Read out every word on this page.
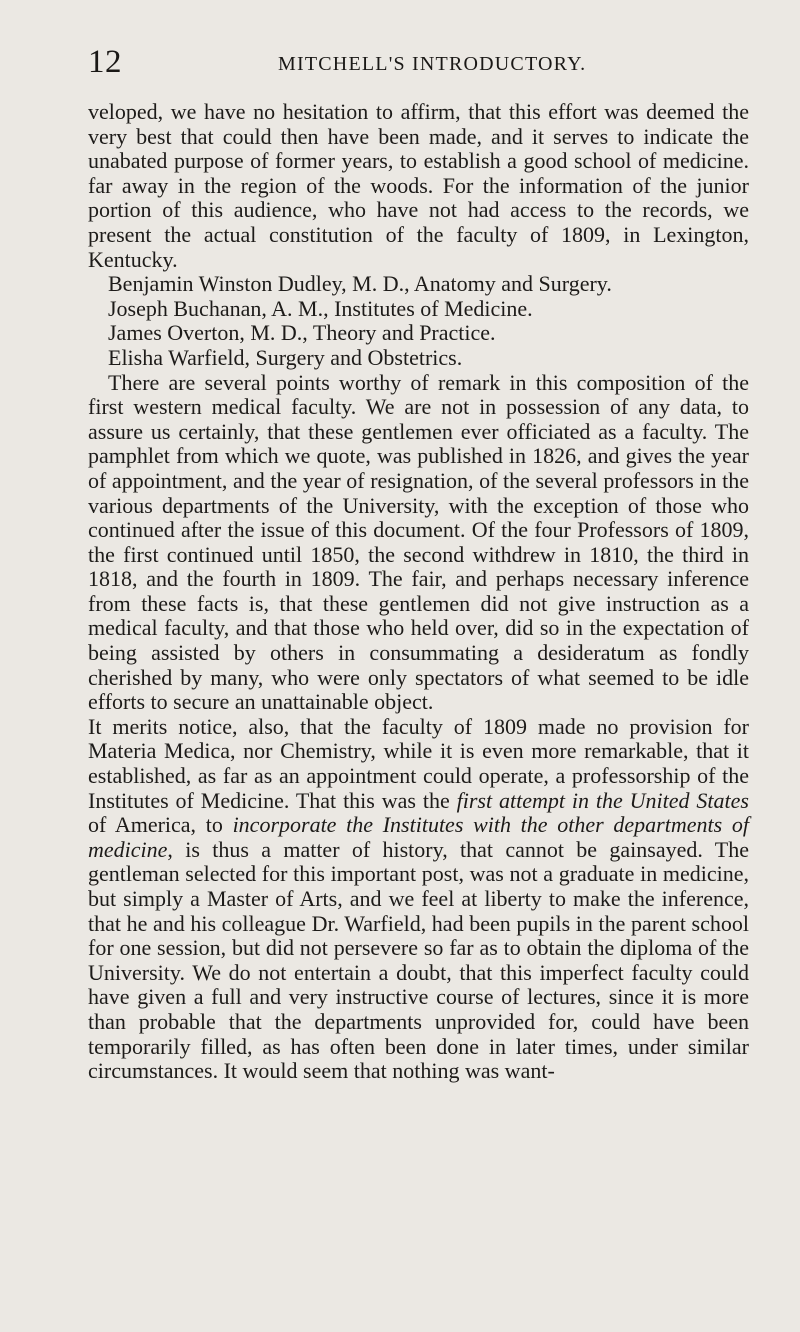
12	MITCHELL'S INTRODUCTORY.

veloped, we have no hesitation to affirm, that this effort was deemed the very best that could then have been made, and it serves to indicate the unabated purpose of former years, to establish a good school of medicine. far away in the region of the woods. For the information of the junior portion of this audience, who have not had access to the records, we present the actual constitution of the faculty of 1809, in Lexington, Kentucky.

Benjamin Winston Dudley, M. D., Anatomy and Surgery.
Joseph Buchanan, A. M., Institutes of Medicine.
James Overton, M. D., Theory and Practice.
Elisha Warfield, Surgery and Obstetrics.

There are several points worthy of remark in this composition of the first western medical faculty. We are not in possession of any data, to assure us certainly, that these gentlemen ever officiated as a faculty. The pamphlet from which we quote, was published in 1826, and gives the year of appointment, and the year of resignation, of the several professors in the various departments of the University, with the exception of those who continued after the issue of this document. Of the four Professors of 1809, the first continued until 1850, the second withdrew in 1810, the third in 1818, and the fourth in 1809. The fair, and perhaps necessary inference from these facts is, that these gentlemen did not give instruction as a medical faculty, and that those who held over, did so in the expectation of being assisted by others in consummating a desideratum as fondly cherished by many, who were only spectators of what seemed to be idle efforts to secure an unattainable object.

It merits notice, also, that the faculty of 1809 made no provision for Materia Medica, nor Chemistry, while it is even more remarkable, that it established, as far as an appointment could operate, a professorship of the Institutes of Medicine. That this was the first attempt in the United States of America, to incorporate the Institutes with the other departments of medicine, is thus a matter of history, that cannot be gainsayed. The gentleman selected for this important post, was not a graduate in medicine, but simply a Master of Arts, and we feel at liberty to make the inference, that he and his colleague Dr. Warfield, had been pupils in the parent school for one session, but did not persevere so far as to obtain the diploma of the University. We do not entertain a doubt, that this imperfect faculty could have given a full and very instructive course of lectures, since it is more than probable that the departments unprovided for, could have been temporarily filled, as has often been done in later times, under similar circumstances. It would seem that nothing was want-
